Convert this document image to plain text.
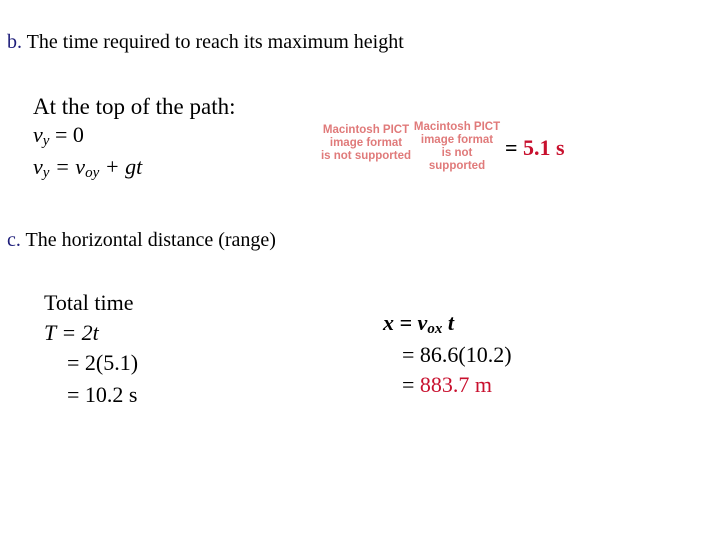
b. The time required to reach its maximum height
At the top of the path:
$v_y = 0$
$v_y = v_{oy}$ + gt
Macintosh PICT
image format
is not supported
Macintosh PICT
image format
is not supported
= 5.1 s
c. The horizontal distance (range)
Total time
T = 2t
= 2(5.1)
= 10.2 s
$x = v_{ox}$ t
= 86.6(10.2)
= 883.7 m
